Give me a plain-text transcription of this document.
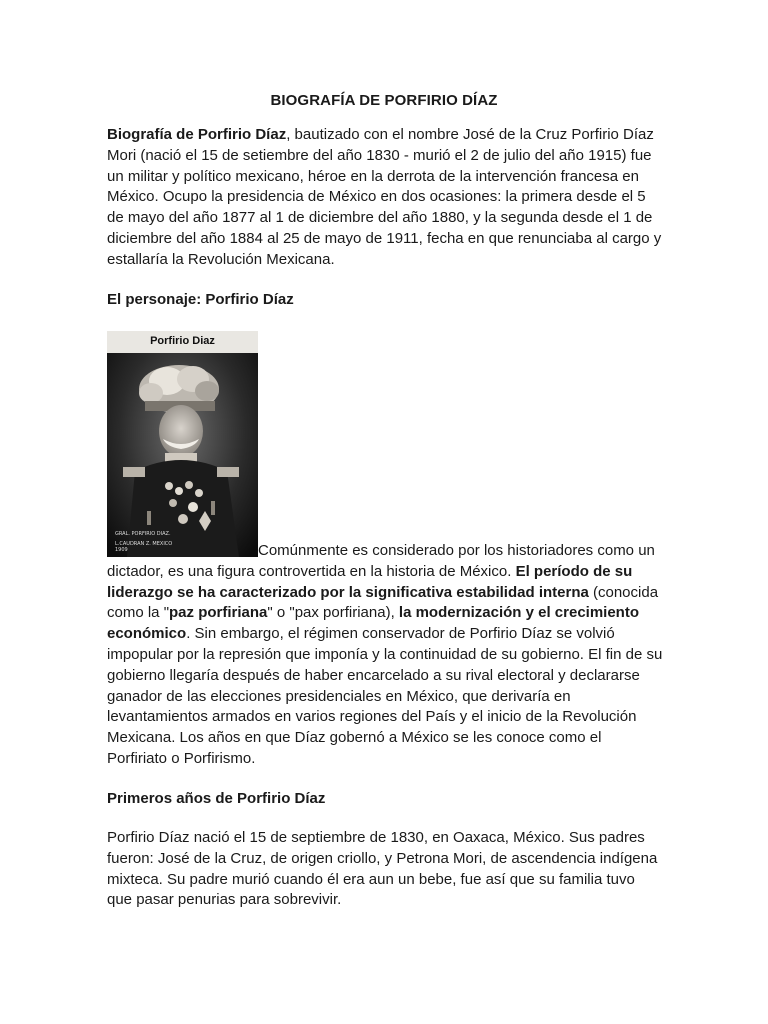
BIOGRAFÍA DE PORFIRIO DÍAZ
Biografía de Porfirio Díaz, bautizado con el nombre José de la Cruz Porfirio Díaz Mori (nació el 15 de setiembre del año 1830 - murió el 2 de julio del año 1915) fue un militar y político mexicano, héroe en la derrota de la intervención francesa en México. Ocupo la presidencia de México en dos ocasiones: la primera desde el 5 de mayo del año 1877 al 1 de diciembre del año 1880, y la segunda desde el 1 de diciembre del año 1884 al 25 de mayo de 1911, fecha en que renunciaba al cargo y estallaría la Revolución Mexicana.
El personaje: Porfirio Díaz
Porfirio Diaz
GRAL. PORFIRIO DIAZ.
L.CAUDRAN Z. MEXICO 1909	Comúnmente es considerado por los historiadores como un dictador, es una figura controvertida en la historia de México. El período de su liderazgo se ha caracterizado por la significativa estabilidad interna (conocida como la "paz porfiriana" o "pax porfiriana), la modernización y el crecimiento económico. Sin embargo, el régimen conservador de Porfirio Díaz se volvió impopular por la represión que imponía y la continuidad de su gobierno. El fin de su gobierno llegaría después de haber encarcelado a su rival electoral y declararse ganador de las elecciones presidenciales en México, que derivaría en levantamientos armados en varios regiones del País y el inicio de la Revolución Mexicana. Los años en que Díaz gobernó a México se les conoce como el Porfiriato o Porfirismo.
Primeros años de Porfirio Díaz
Porfirio Díaz nació el 15 de septiembre de 1830, en Oaxaca, México. Sus padres fueron: José de la Cruz, de origen criollo, y Petrona Mori, de ascendencia indígena mixteca. Su padre murió cuando él era aun un bebe, fue así que su familia tuvo que pasar penurias para sobrevivir.
